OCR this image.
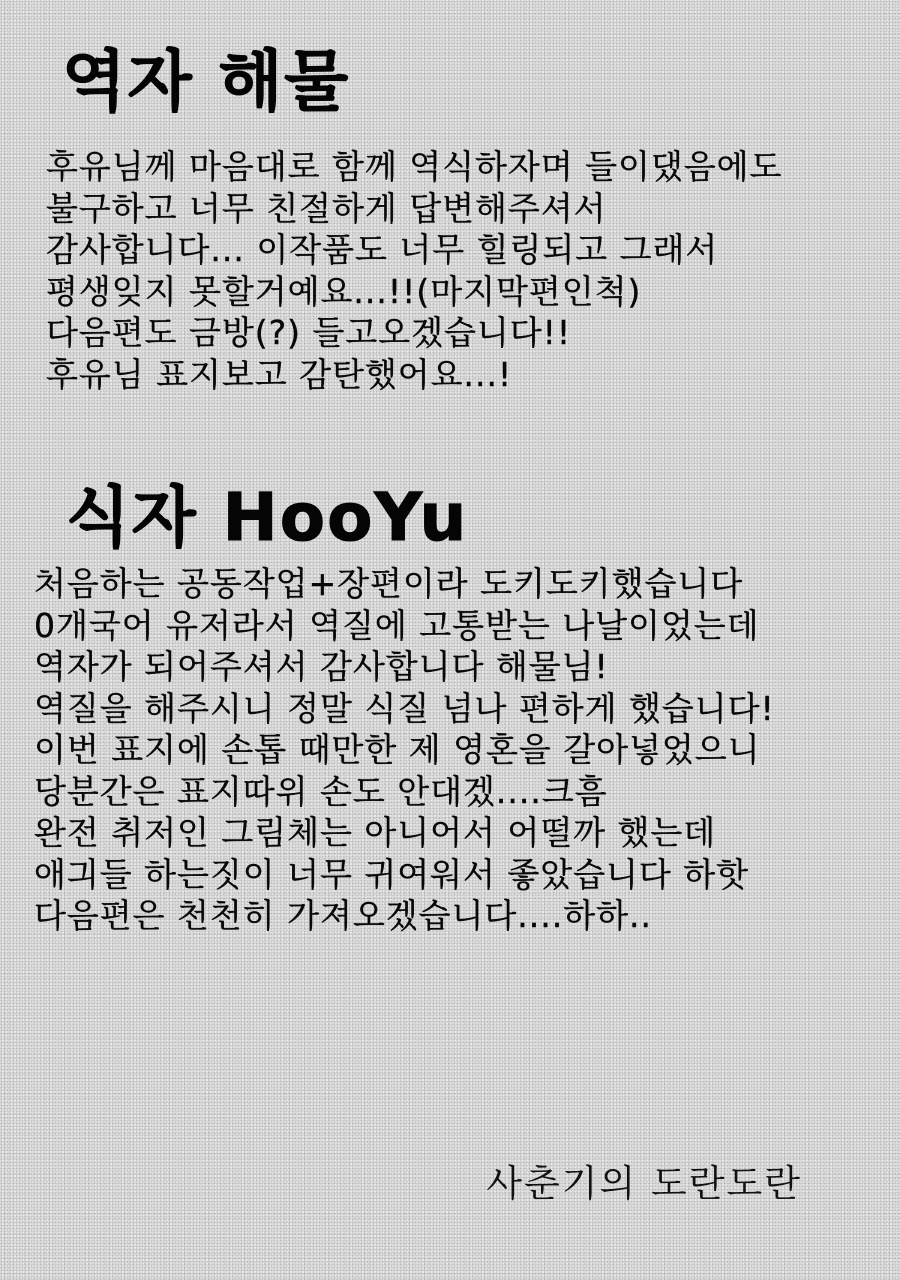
역자 해물
후유님께 마음대로 함께 역식하자며 들이댔음에도
불구하고 너무 친절하게 답변해주셔서
감사합니다... 이작품도 너무 힐링되고 그래서
평생잊지 못할거예요...!!(마지막편인척)
다음편도 금방(?) 들고오겠습니다!!
후유님 표지보고 감탄했어요...!
식자 HooYu
처음하는 공동작업+장편이라 도키도키했습니다
0개국어 유저라서 역질에 고통받는 나날이었는데
역자가 되어주셔서 감사합니다 해물님!
역질을 해주시니 정말 식질 넘나 편하게 했습니다!
이번 표지에 손톱 때만한 제 영혼을 갈아넣었으니
당분간은 표지따위 손도 안대겠....크흠
완전 취저인 그림체는 아니어서 어떨까 했는데
애긔들 하는짓이 너무 귀여워서 좋았습니다 하핫
다음편은 천천히 가져오겠습니다....하하..
사춘기의 도란도란
